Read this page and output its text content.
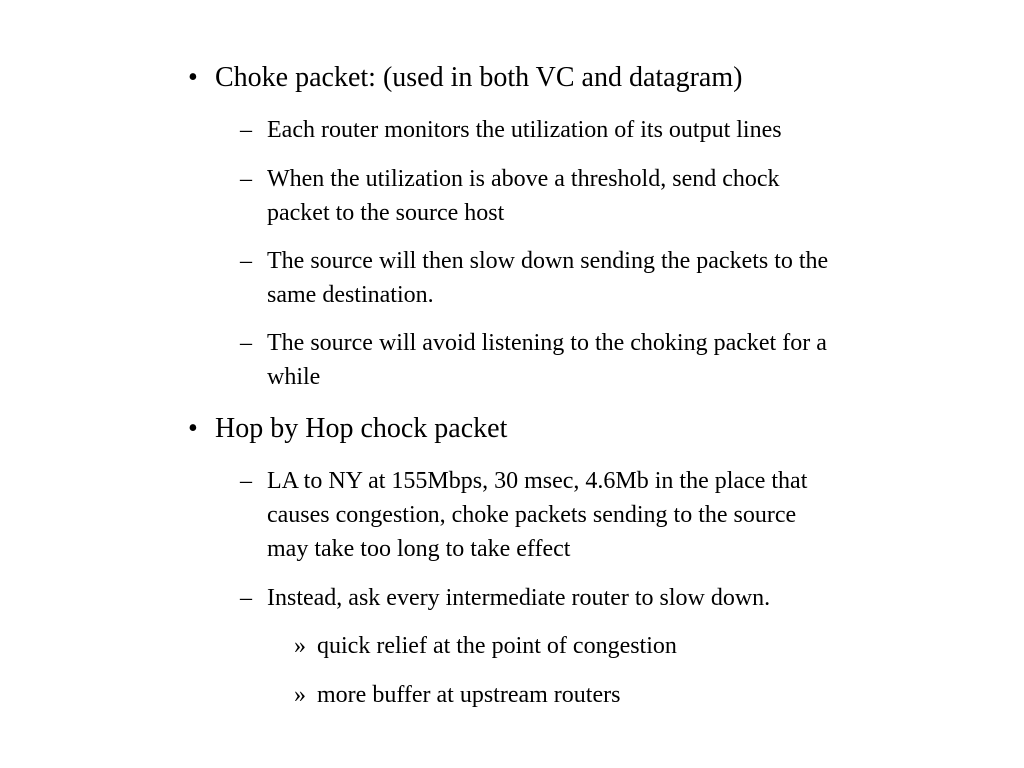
• Choke packet: (used in both VC and datagram)
– Each router monitors the utilization of its output lines
– When the utilization is above a threshold, send chock
packet to the source host
– The source will then slow down sending the packets to the
same destination.
– The source will avoid listening to the choking packet for a
while
• Hop by Hop chock packet
– LA to NY at 155Mbps, 30 msec, 4.6Mb in the place that
causes congestion, choke packets sending to the source
may take too long to take effect
– Instead, ask every intermediate router to slow down.
» quick relief at the point of congestion
» more buffer at upstream routers
